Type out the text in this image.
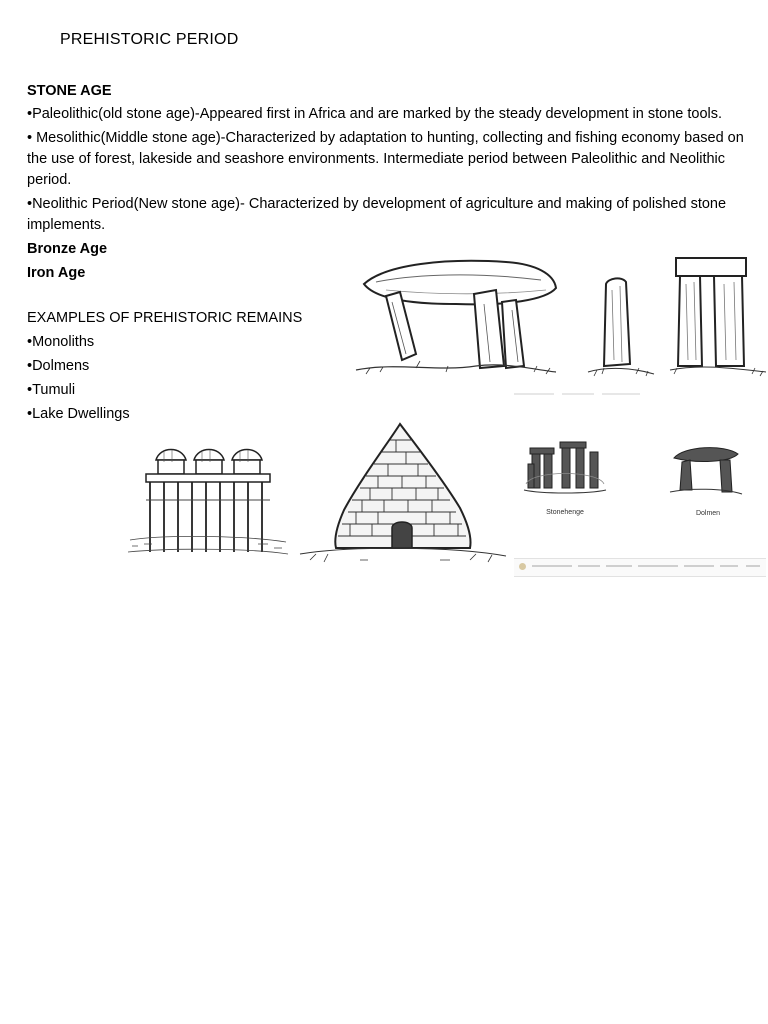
PREHISTORIC PERIOD

STONE AGE

•Paleolithic(old stone age)-Appeared first in Africa and are marked by the steady development in stone tools.

• Mesolithic(Middle stone age)-Characterized by adaptation to hunting, collecting and fishing economy based on the use of forest, lakeside and seashore environments. Intermediate period between Paleolithic and Neolithic period.

•Neolithic Period(New stone age)- Characterized by development of agriculture and making of polished stone implements.

Bronze Age

Iron Age

EXAMPLES OF PREHISTORIC REMAINS

•Monoliths

•Dolmens

•Tumuli

•Lake Dwellings

Stonehenge	Dolmen
